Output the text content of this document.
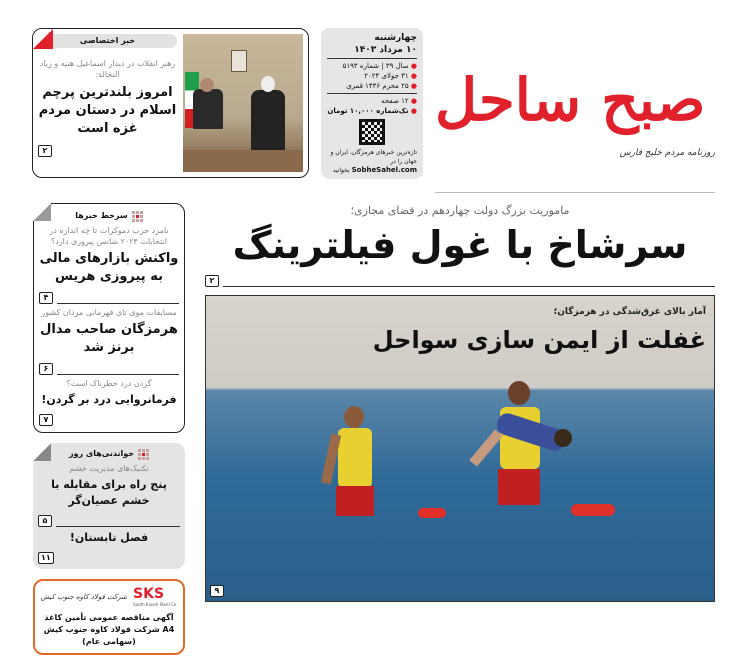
صبح ساحل
روزنامه مردم خلیج فارس
چهارشنبه
۱۰ مرداد ۱۴۰۳
● سال ۳۹ | شماره ۵۱۹۳
● ۳۱ جولای ۲۰۲۴
● ۲۵ محرم ۱۴۴۶ قمری
● ۱۲ صفحه
● تک‌شماره ۱۰,۰۰۰ تومان
تازه‌ترین خبرهای هرمزگان، ایران و جهان را در SobheSahel.com بخوانید
خبر اختصاصی
رهبر انقلاب در دیدار اسماعیل هنیه و زیاد النخالة:
امروز بلندترین پرچم اسلام در دستان مردم غزه است
۲
ماموریت بزرگ دولت چهاردهم در فضای مجازی؛
سرشاخ با غول فیلترینگ
۲
آمار بالای غرق‌شدگی در هرمزگان؛
غفلت از ایمن سازی سواحل
۹
سرخط خبرها
نامزد حزب دموکرات تا چه اندازه در انتخابات ۲۰۲۴ شانس پیروزی دارد؟
واکنش بازارهای مالی به پیروزی هریس
۴
مسابقات موی تای قهرمانی مردان کشور
هرمزگان صاحب مدال برنز شد
۶
گردن درد خطرناک است؟
فرمانروایی درد بر گردن!
۷
خواندنی‌های روز
تکنیک‌های مدیریت خشم
پنج راه برای مقابله با خشم عصیان‌گر
۵
فصل تابستان!
۱۱
SKS
South Kaveh Steel Co.
شرکت فولاد کاوه جنوب کیش
آگهی مناقصه عمومی تأمین کاغذ A4 شرکت فولاد کاوه جنوب کیش (سهامی عام)
